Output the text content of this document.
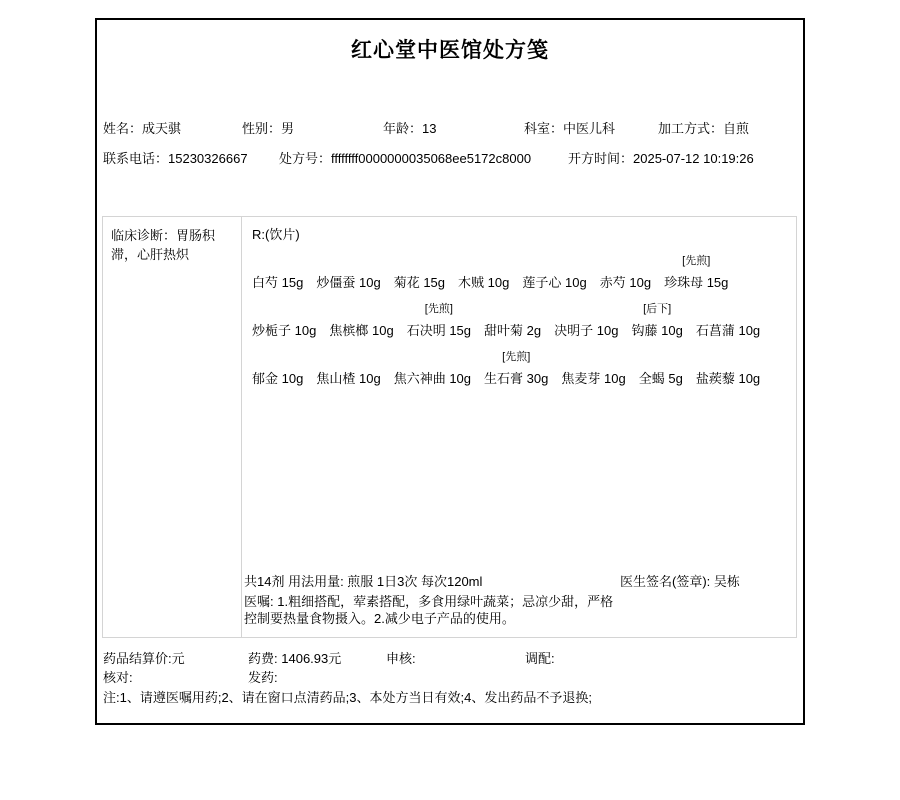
红心堂中医馆处方笺
姓名：成天骐	性别：男	年龄：13	科室：中医儿科	加工方式：自煎
联系电话：15230326667 处方号：ffffffff0000000035068ee5172c8000	开方时间：2025-07-12 10:19:26
临床诊断：胃肠积
滞，心肝热炽
R:(饮片)
白芍 15g 炒僵蚕 10g 菊花 15g 木贼 10g 莲子心 10g 赤芍 10g
[先煎]
珍珠母 15g
炒栀子 10g 焦槟榔 10g
[先煎]
石决明 15g 甜叶菊 2g 决明子 10g
[后下]
钩藤 10g 石菖蒲 10g
郁金 10g 焦山楂 10g 焦六神曲 10g
[先煎]
生石膏 30g 焦麦芽 10g 全蝎 5g 盐蒺藜 10g
共14剂 用法用量: 煎服 1日3次 每次120ml	医生签名(签章): 吴栋
医嘱: 1.粗细搭配，荤素搭配，多食用绿叶蔬菜；忌凉少甜，严格
控制要热量食物摄入。2.减少电子产品的使用。
药品结算价:元	药费: 1406.93元	申核:	调配:
核对:	发药:
注:1、请遵医嘱用药;2、请在窗口点清药品;3、本处方当日有效;4、发出药品不予退换;
